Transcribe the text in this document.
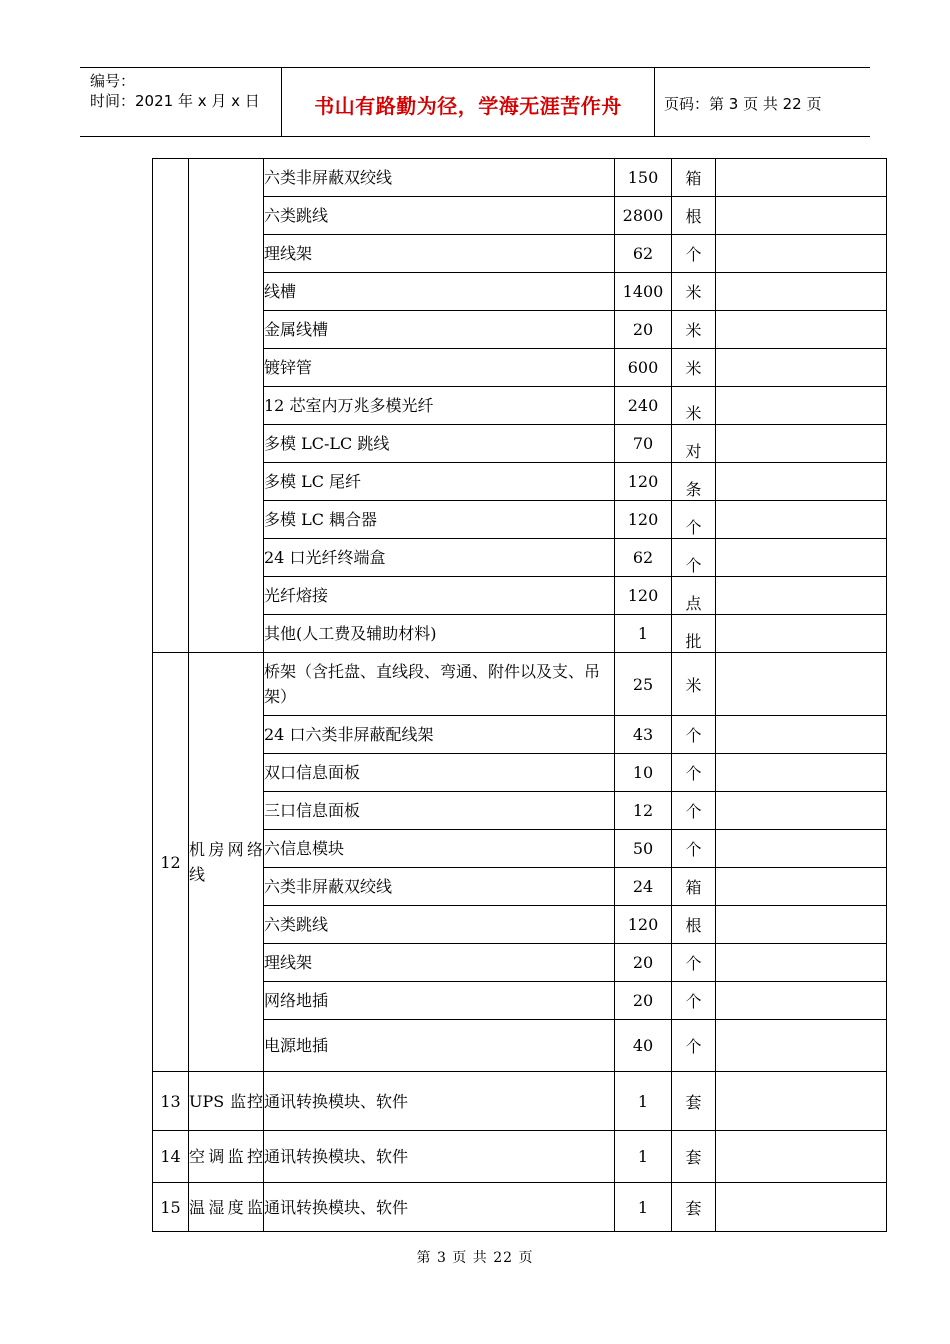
编号：
时间：2021 年 x 月 x 日	书山有路勤为径，学海无涯苦作舟	页码：第 3 页 共 22 页
		六类非屏蔽双绞线	150	箱	
		六类跳线	2800	根	
		理线架	62	个	
		线槽	1400	米	
		金属线槽	20	米	
		镀锌管	600	米	
		12 芯室内万兆多模光纤	240	米	
		多模 LC-LC 跳线	70	对	
		多模 LC 尾纤	120	条	
		多模 LC 耦合器	120	个	
		24 口光纤终端盒	62	个	
		光纤熔接	120	点	
		其他(人工费及辅助材料)	1	批	
12	机房网络线	桥架（含托盘、直线段、弯通、附件以及支、吊架）	25	米	
		24 口六类非屏蔽配线架	43	个	
		双口信息面板	10	个	
		三口信息面板	12	个	
		六信息模块	50	个	
		六类非屏蔽双绞线	24	箱	
		六类跳线	120	根	
		理线架	20	个	
		网络地插	20	个	
		电源地插	40	个	
13	UPS 监控	通讯转换模块、软件	1	套	
14	空调监控	通讯转换模块、软件	1	套	
15	温湿度监	通讯转换模块、软件	1	套	
第 3 页 共 22 页
